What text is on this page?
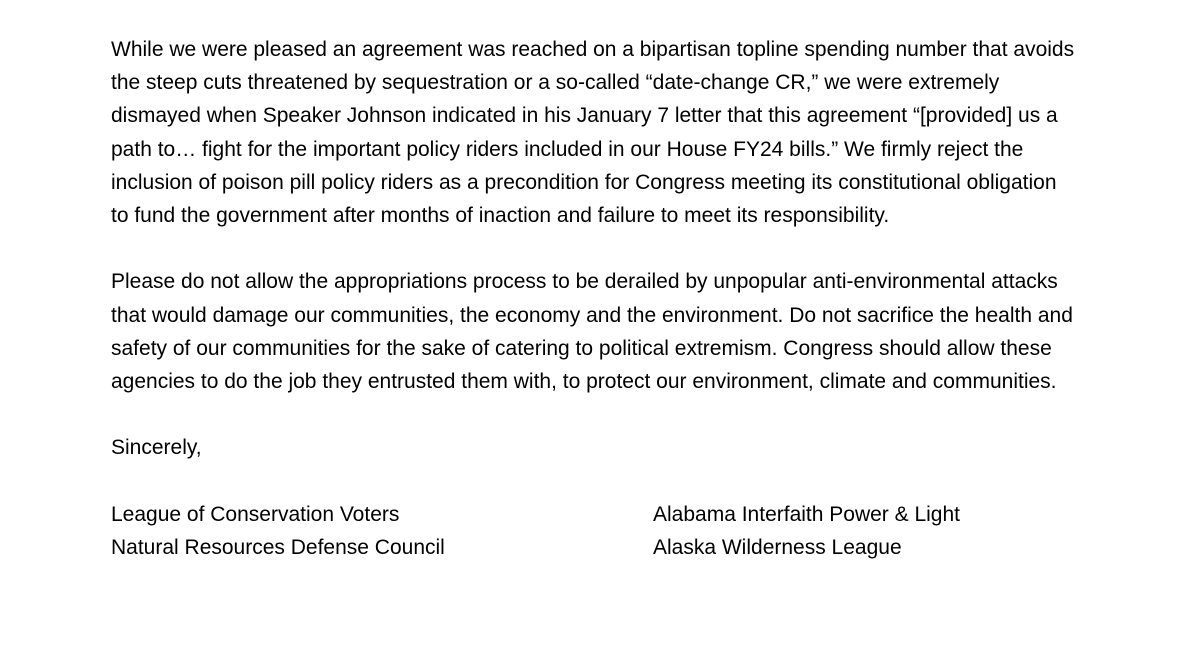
While we were pleased an agreement was reached on a bipartisan topline spending number that avoids
the steep cuts threatened by sequestration or a so-called “date-change CR,” we were extremely
dismayed when Speaker Johnson indicated in his January 7 letter that this agreement “[provided] us a
path to… fight for the important policy riders included in our House FY24 bills.” We firmly reject the
inclusion of poison pill policy riders as a precondition for Congress meeting its constitutional obligation
to fund the government after months of inaction and failure to meet its responsibility.

Please do not allow the appropriations process to be derailed by unpopular anti-environmental attacks
that would damage our communities, the economy and the environment. Do not sacrifice the health and
safety of our communities for the sake of catering to political extremism. Congress should allow these
agencies to do the job they entrusted them with, to protect our environment, climate and communities.

Sincerely,

League of Conservation Voters
Natural Resources Defense Council
Alabama Interfaith Power & Light
Alaska Wilderness League
